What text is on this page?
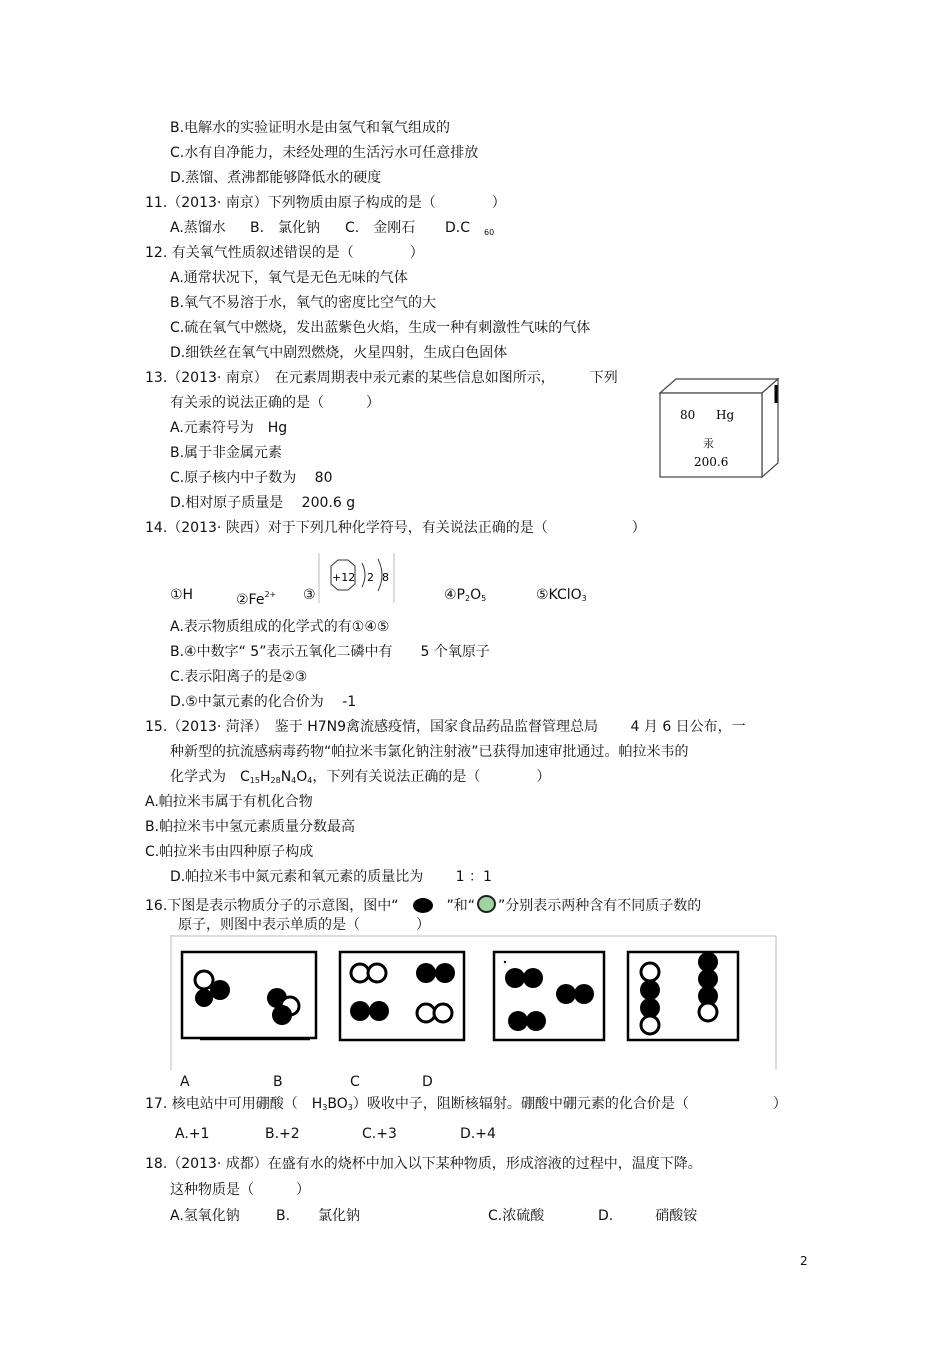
B.电解水的实验证明水是由氢气和氧气组成的
C.水有自净能力，未经处理的生活污水可任意排放
D.蒸馏、煮沸都能够降低水的硬度
11.（2013· 南京）下列物质由原子构成的是（　　　　）
A.蒸馏水 B.　氯化钠 C.　金刚石 D.C $_{60}$
12. 有关氧气性质叙述错误的是（　　　　）
A.通常状况下，氧气是无色无味的气体
B.氧气不易溶于水，氧气的密度比空气的大
C.硫在氧气中燃烧，发出蓝紫色火焰，生成一种有刺激性气味的气体
D.细铁丝在氧气中剧烈燃烧，火星四射，生成白色固体
13.（2013· 南京）　在元素周期表中汞元素的某些信息如图所示，　　　下列
有关汞的说法正确的是（　　　）
A.元素符号为　Hg
B.属于非金属元素
C.原子核内中子数为　 80
D.相对原子质量是　 200.6 g
80 Hg
汞
200.6
14.（2013· 陕西）对于下列几种化学符号，有关说法正确的是（　　　　　　）
①H	$②Fe^{2+}$ ③
+12 2 8
$④P_2O_5$	⑤KClO$_3$
A.表示物质组成的化学式的有①④⑤
B.④中数字“ 5”表示五氧化二磷中有　　5 个氧原子
C.表示阳离子的是②③
D.⑤中氯元素的化合价为　 -1
15.（2013· 菏泽）　鉴于 H7N9禽流感疫情，国家食品药品监督管理总局　　 4 月 6 日公布，一
种新型的抗流感病毒药物“帕拉米韦氯化钠注射液”已获得加速审批通过。帕拉米韦的
化学式为　$C_{15}H_{28}N_4O_4$，下列有关说法正确的是（　　　　）
A.帕拉米韦属于有机化合物
B.帕拉米韦中氢元素质量分数最高
C.帕拉米韦由四种原子构成
D.帕拉米韦中氮元素和氧元素的质量比为　　 1 ：1
16.下图是表示物质分子的示意图，图中“	”和“ ”分别表示两种含有不同质子数的
原子，则图中表示单质的是（　　　　）
A	B	C	D
17. 核电站中可用硼酸（　$H_3BO_3$）吸收中子，阻断核辐射。硼酸中硼元素的化合价是（　　　　　　）
A.+1	B.+2	C.+3	D.+4
18.（2013· 成都）在盛有水的烧杯中加入以下某种物质，形成溶液的过程中，温度下降。
这种物质是（　　　）
A.氢氧化钠	B.　　氯化钠	C.浓硫酸	D.　　　硝酸铵
2
